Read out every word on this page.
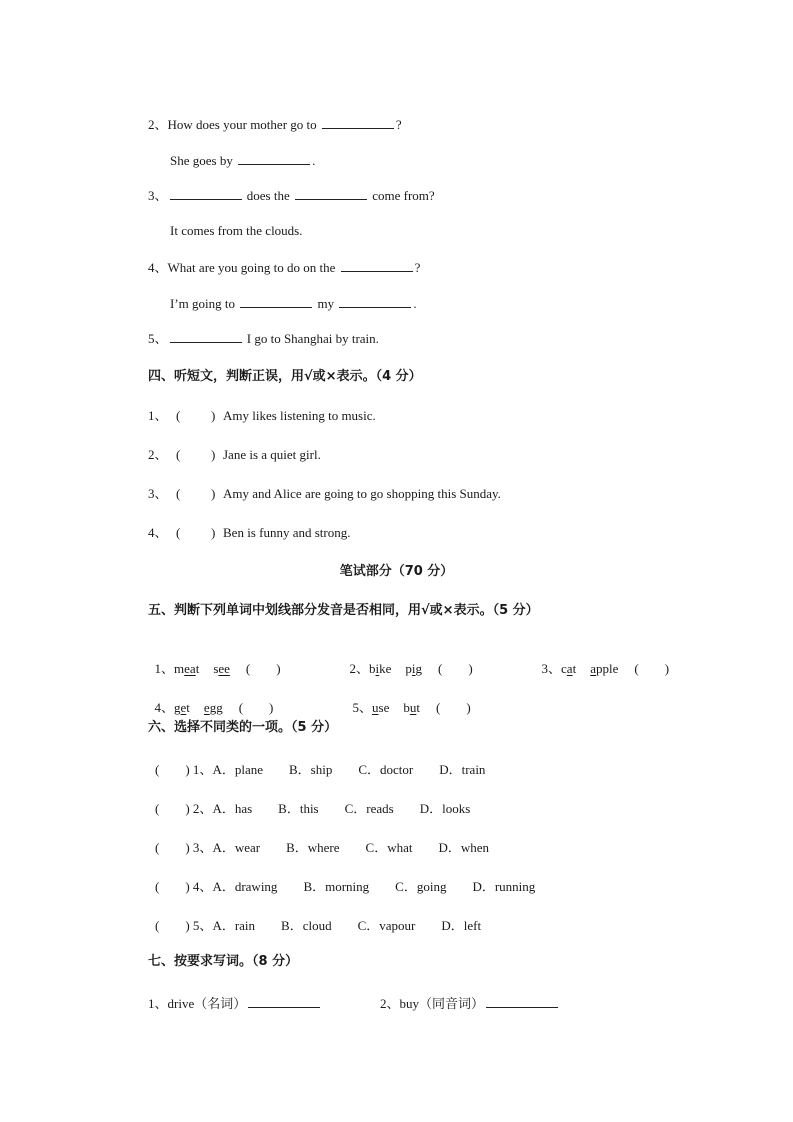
2、How does your mother go to	?
She goes by	.
3、	does the	come from?
It comes from the clouds.
4、What are you going to do on the	?
I’m going to	my	.
5、	I go to Shanghai by train.
四、听短文，判断正误，用√或×表示。（4 分）
1、 ( ) Amy likes listening to music.
2、 ( ) Jane is a quiet girl.
3、 ( ) Amy and Alice are going to go shopping this Sunday.
4、 ( ) Ben is funny and strong.
笔试部分（70 分）
五、判断下列单词中划线部分发音是否相同，用√或×表示。（5 分）

1、meat see (        )	2、bike pig (        )	3、cat apple (        )

4、get egg (        )	5、use but (        )

六、选择不同类的一项。（5 分）
(        ) 1、A．plane B．ship C．doctor D．train
(        ) 2、A．has B．this C．reads D．looks
(        ) 3、A．wear B．where C．what D．when
(        ) 4、A．drawing B．morning C．going D．running
(        ) 5、A．rain B．cloud C．vapour D．left
七、按要求写词。（8 分）
1、drive（名词）	2、buy（同音词）
